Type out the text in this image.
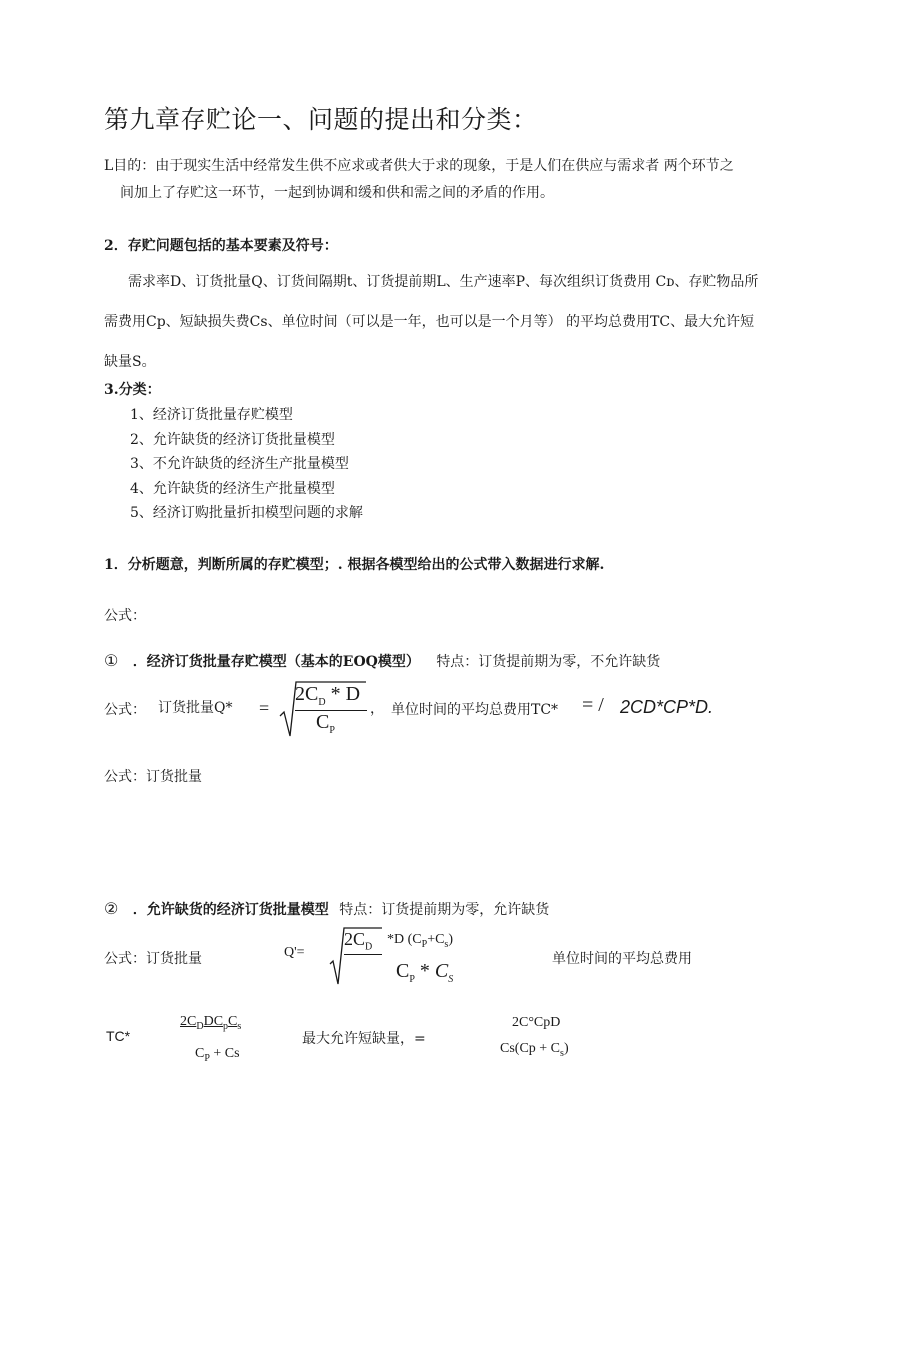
第九章存贮论一、问题的提出和分类：
L目的：由于现实生活中经常发生供不应求或者供大于求的现象，于是人们在供应与需求者 两个环节之
间加上了存贮这一环节，一起到协调和缓和供和需之间的矛盾的作用。
2．存贮问题包括的基本要素及符号：
需求率D、订货批量Q、订货间隔期t、订货提前期L、生产速率P、每次组织订货费用 Cᴅ、存贮物品所
需费用Cp、短缺损失费Cs、单位时间（可以是一年，也可以是一个月等） 的平均总费用TC、最大允许短
缺量S。
3.分类：
1、经济订货批量存贮模型
2、允许缺货的经济订货批量模型
3、不允许缺货的经济生产批量模型
4、允许缺货的经济生产批量模型
5、经济订购批量折扣模型问题的求解
1．分析题意，判断所属的存贮模型；. 根据各模型给出的公式带入数据进行求解.
公式：
① ．经济订货批量存贮模型（基本的EOQ模型） 特点：订货提前期为零，不允许缺货
公式： 订货批量Q* =
$2C_D$ * D
$C_P$
， 单位时间的平均总费用TC* = / 2CD*CP*D.
公式：订货批量
② ．允许缺货的经济订货批量模型 特点：订货提前期为零，允许缺货
公式：订货批量	Q'=
$2C_D$
*D $(C_P+C_s)$
$C_P * C_S$
单位时间的平均总费用
TC*
$2C_DDC_pC_s$
$C_P + Cs$
最大允许短缺量，=
2C°CpD
$Cs(Cp + C_s)$
